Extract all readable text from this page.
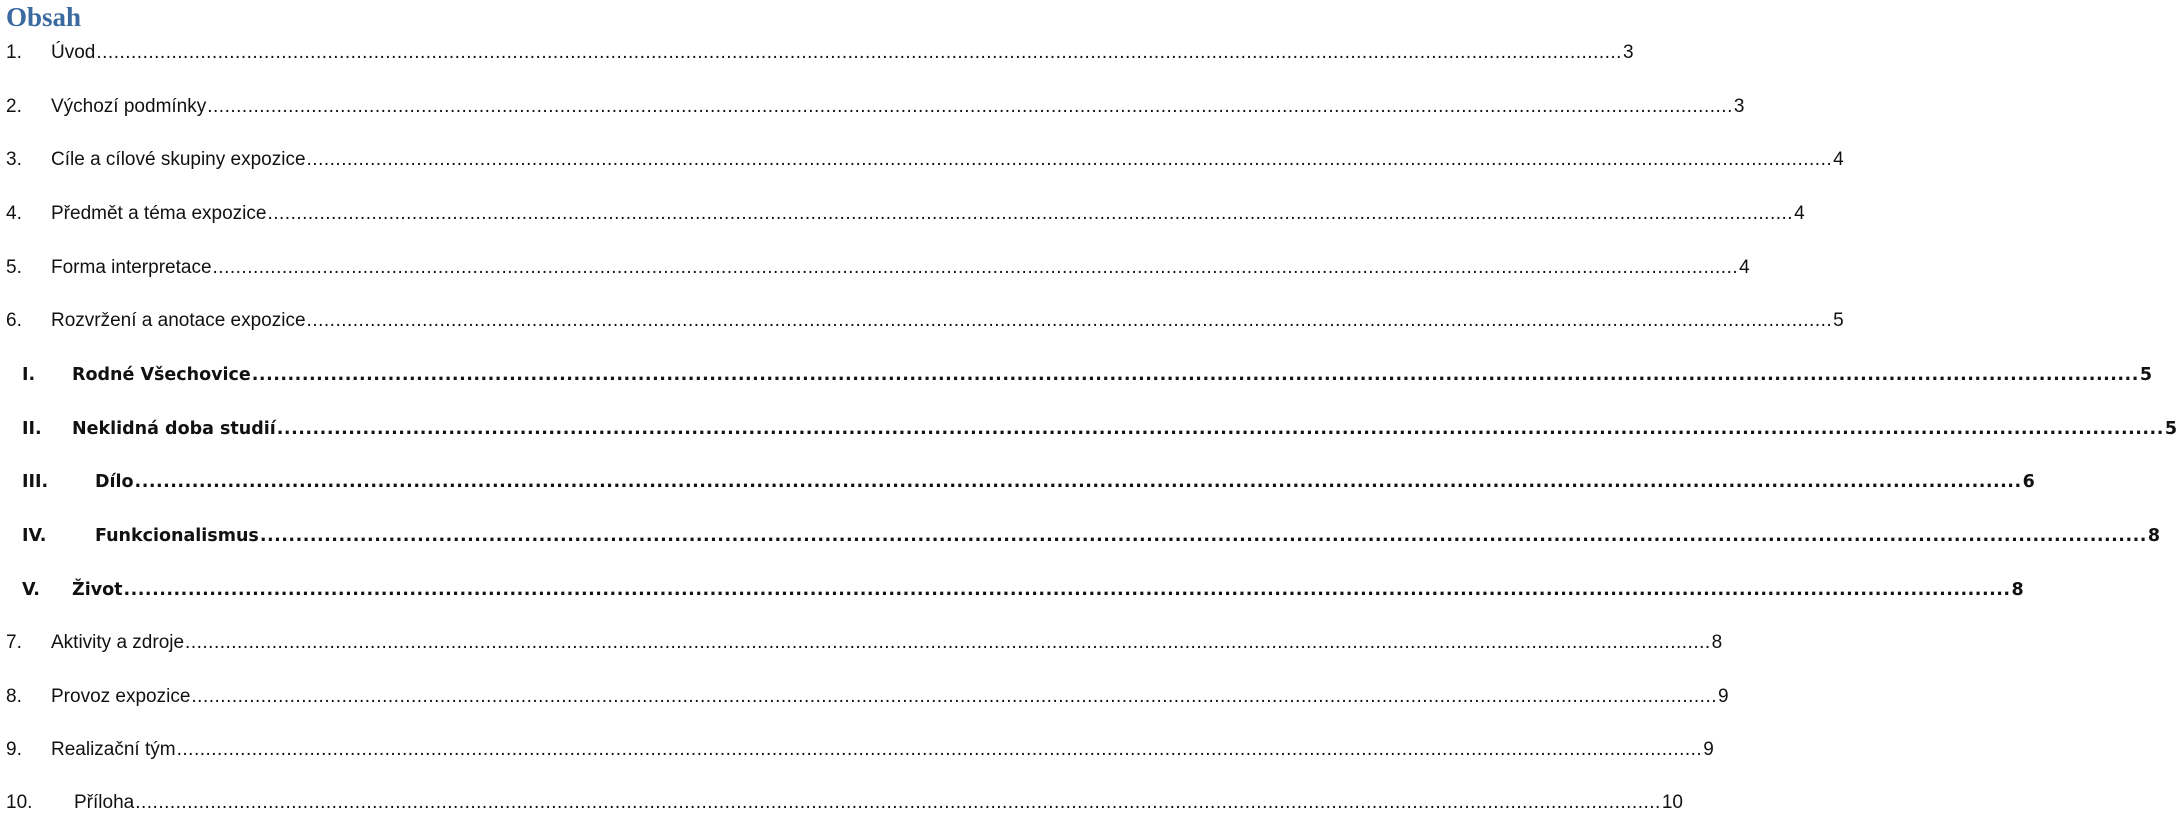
Obsah
1.	Úvod ........................................................................................................................................................................................................................................................................ 3
2.	Výchozí podmínky ........................................................................................................................................................................................................................................................................ 3
3.	Cíle a cílové skupiny expozice ........................................................................................................................................................................................................................................................................ 4
4.	Předmět a téma expozice ........................................................................................................................................................................................................................................................................ 4
5.	Forma interpretace ........................................................................................................................................................................................................................................................................ 4
6.	Rozvržení a anotace expozice ........................................................................................................................................................................................................................................................................ 5
I.	Rodné Všechovice ........................................................................................................................................................................................................................................................................ 5
II.	Neklidná doba studií ........................................................................................................................................................................................................................................................................ 5
III.	Dílo ........................................................................................................................................................................................................................................................................ 6
IV.	Funkcionalismus ........................................................................................................................................................................................................................................................................ 8
V.	Život ........................................................................................................................................................................................................................................................................ 8
7.	Aktivity a zdroje ........................................................................................................................................................................................................................................................................ 8
8.	Provoz expozice ........................................................................................................................................................................................................................................................................ 9
9.	Realizační tým ........................................................................................................................................................................................................................................................................ 9
10.	Příloha ........................................................................................................................................................................................................................................................................ 10
